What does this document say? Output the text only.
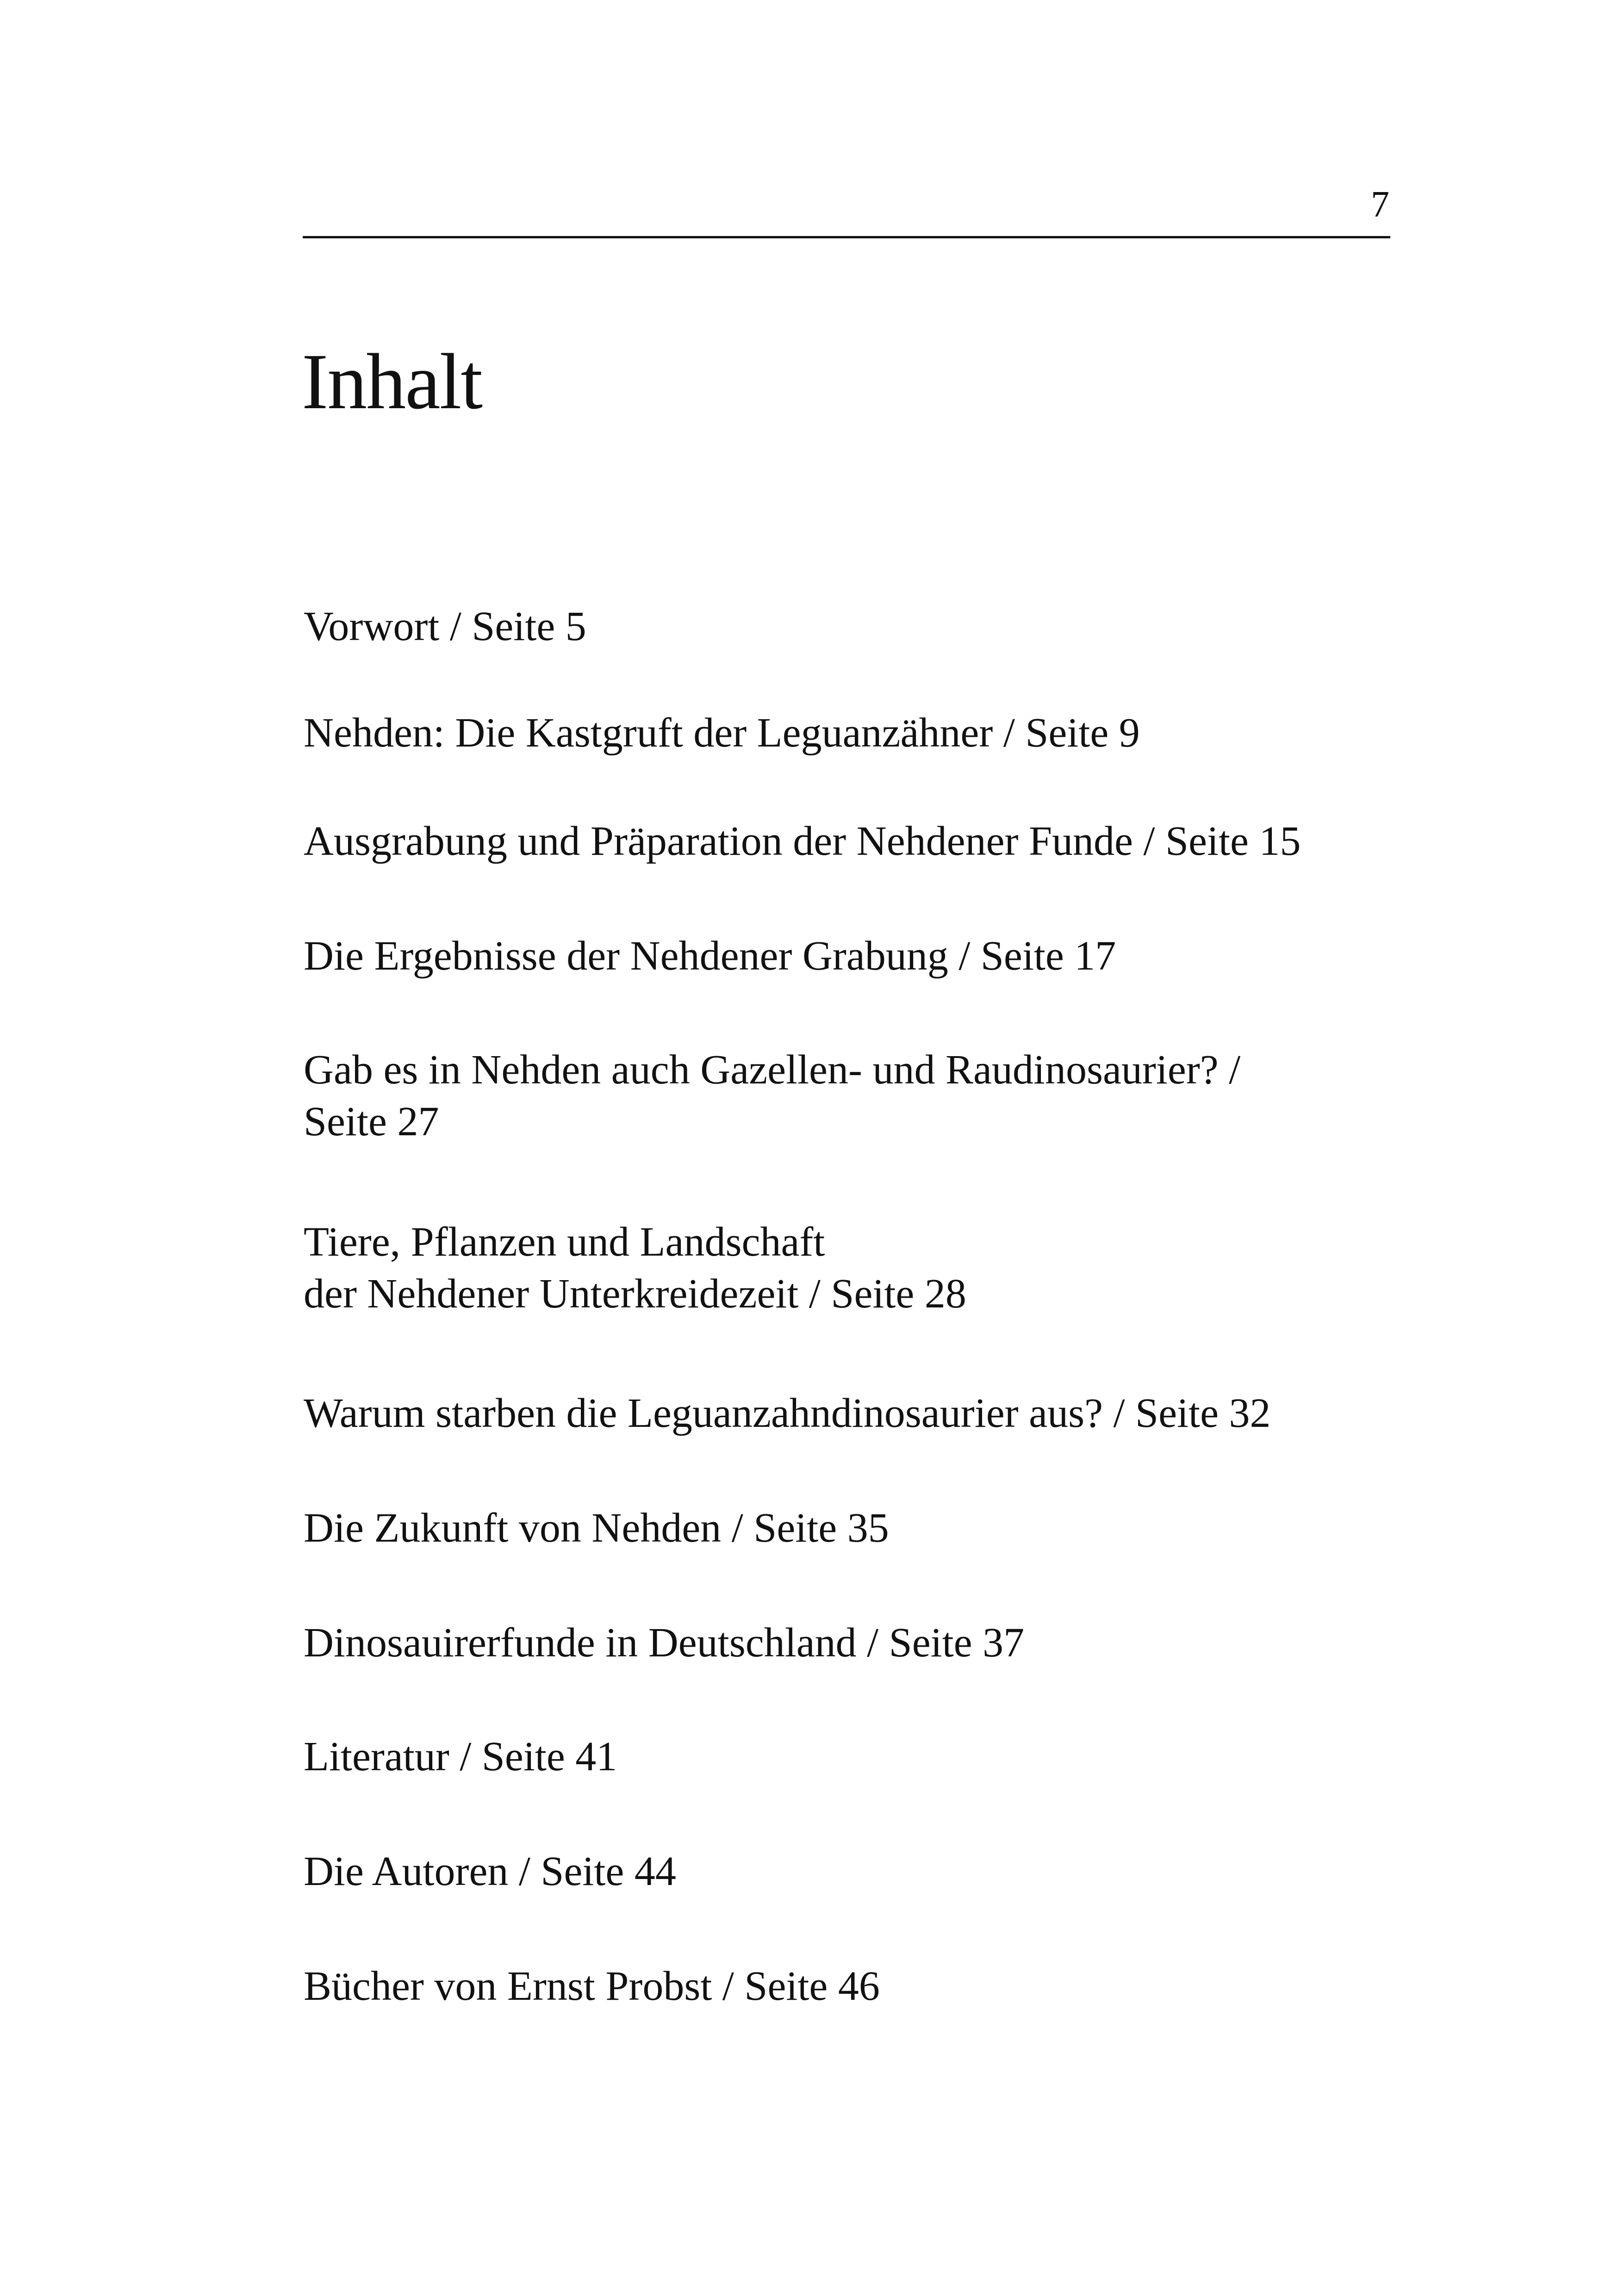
7
Inhalt
Vorwort / Seite 5
Nehden: Die Kastgruft der Leguanzähner / Seite 9
Ausgrabung und Präparation der Nehdener Funde / Seite 15
Die Ergebnisse der Nehdener Grabung / Seite 17
Gab es in Nehden auch Gazellen- und Raudinosaurier? /
Seite 27
Tiere, Pflanzen und Landschaft
der Nehdener Unterkreidezeit / Seite 28
Warum starben die Leguanzahndinosaurier aus? / Seite 32
Die Zukunft von Nehden / Seite 35
Dinosauirerfunde in Deutschland / Seite 37
Literatur / Seite 41
Die Autoren / Seite 44
Bücher von Ernst Probst / Seite 46
